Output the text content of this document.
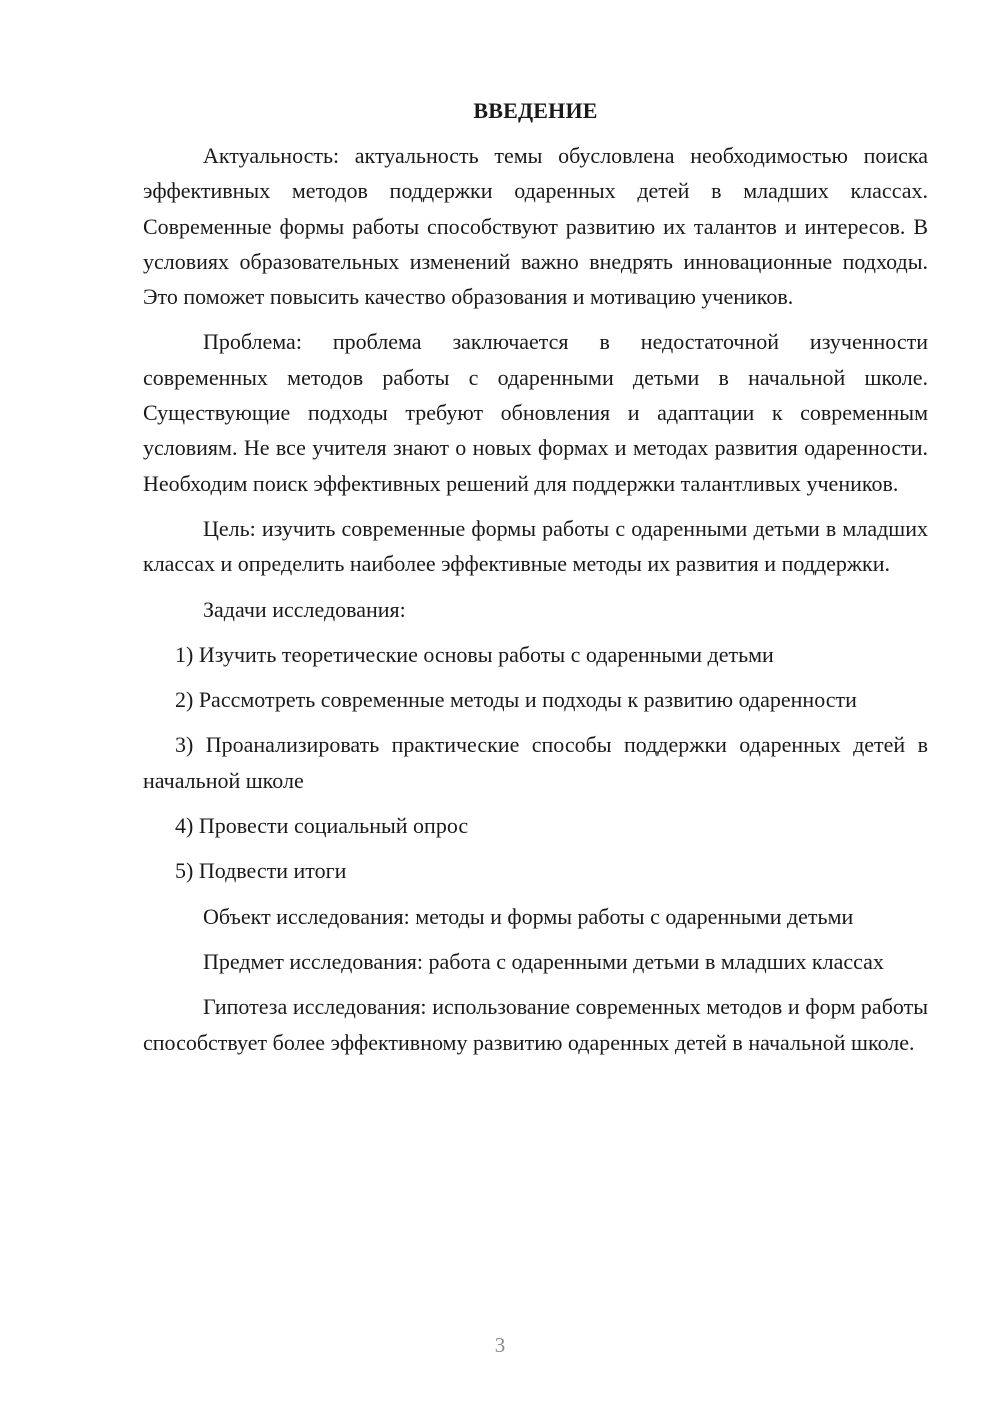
ВВЕДЕНИЕ

Актуальность: актуальность темы обусловлена необходимостью поиска эффективных методов поддержки одаренных детей в младших классах. Современные формы работы способствуют развитию их талантов и интересов. В условиях образовательных изменений важно внедрять инновационные подходы. Это поможет повысить качество образования и мотивацию учеников.

Проблема: проблема заключается в недостаточной изученности современных методов работы с одаренными детьми в начальной школе. Существующие подходы требуют обновления и адаптации к современным условиям. Не все учителя знают о новых формах и методах развития одаренности. Необходим поиск эффективных решений для поддержки талантливых учеников.

Цель: изучить современные формы работы с одаренными детьми в младших классах и определить наиболее эффективные методы их развития и поддержки.

Задачи исследования:

1) Изучить теоретические основы работы с одаренными детьми

2) Рассмотреть современные методы и подходы к развитию одаренности

3) Проанализировать практические способы поддержки одаренных детей в начальной школе

4) Провести социальный опрос

5) Подвести итоги

Объект исследования: методы и формы работы с одаренными детьми

Предмет исследования: работа с одаренными детьми в младших классах

Гипотеза исследования: использование современных методов и форм работы способствует более эффективному развитию одаренных детей в начальной школе.

3
